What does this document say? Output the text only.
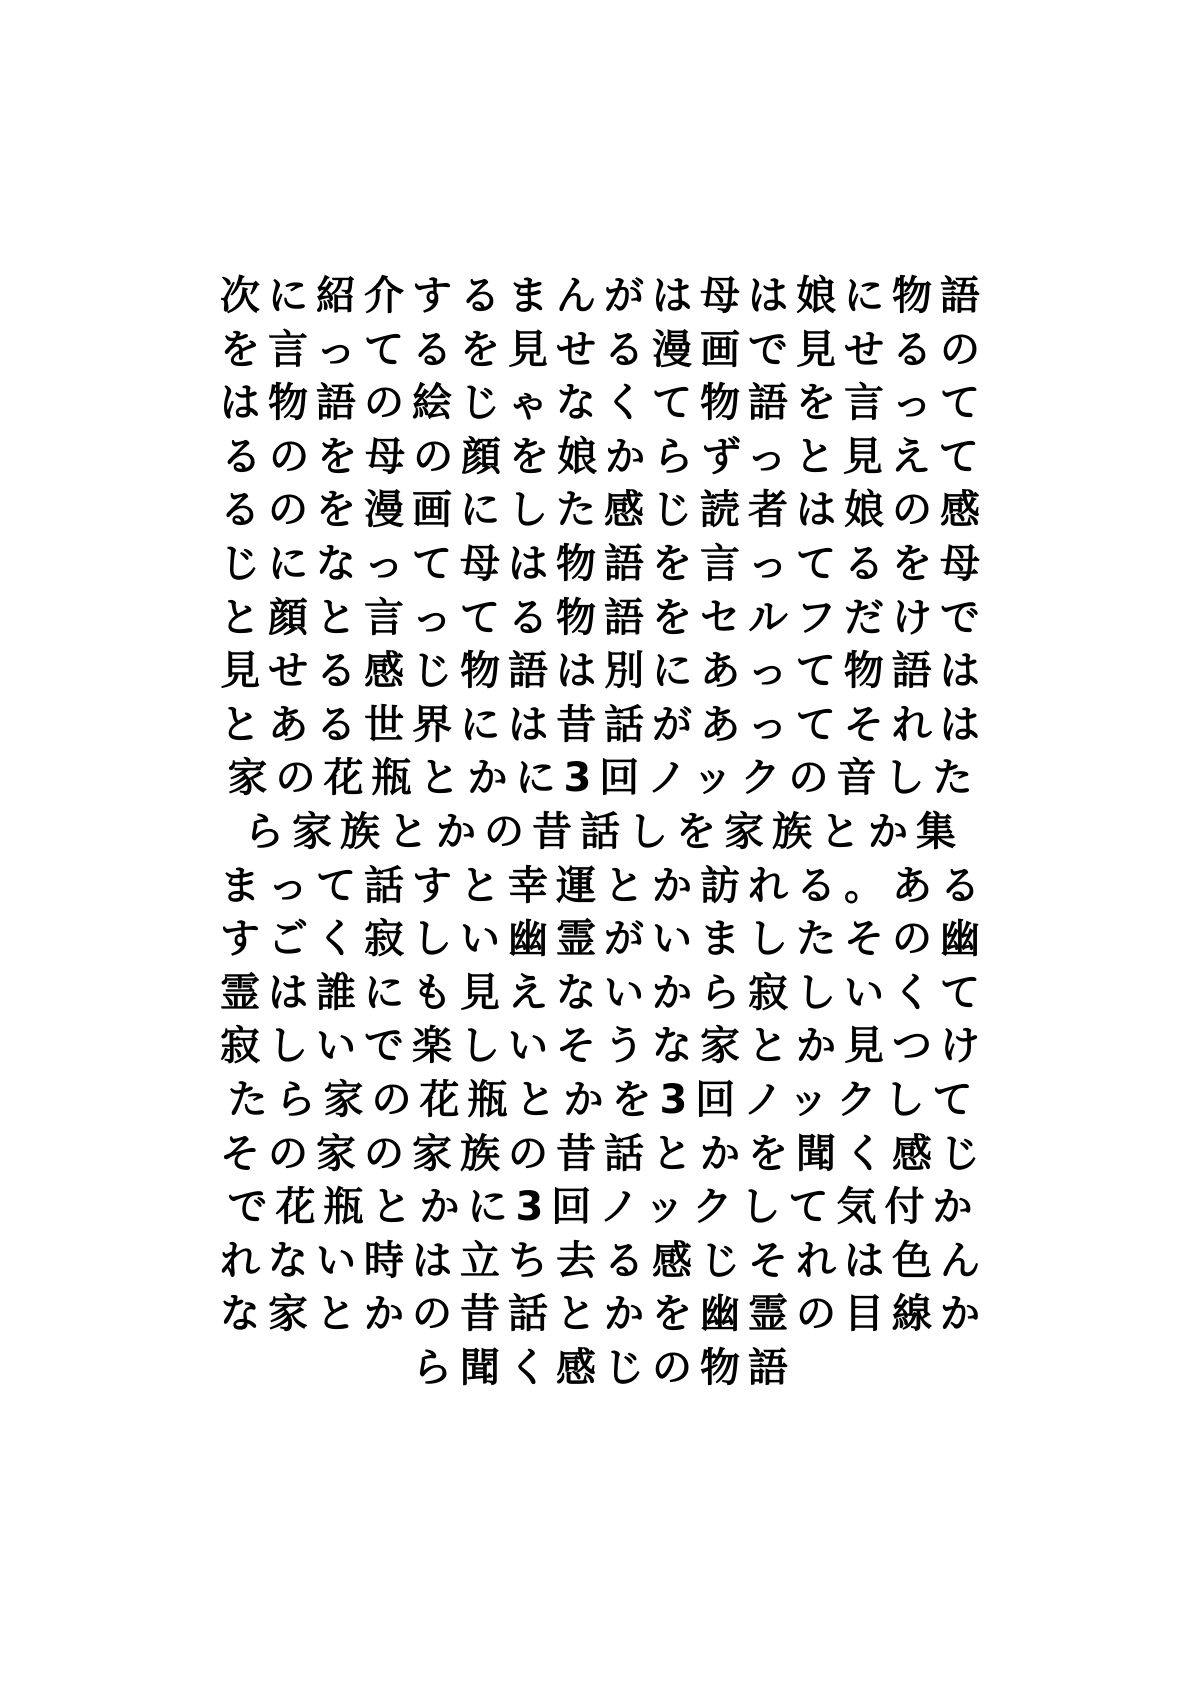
次に紹介するまんがは母は娘に物語
を言ってるを見せる漫画で見せるの
は物語の絵じゃなくて物語を言って
るのを母の顔を娘からずっと見えて
るのを漫画にした感じ読者は娘の感
じになって母は物語を言ってるを母
と顔と言ってる物語をセルフだけで
見せる感じ物語は別にあって物語は
とある世界には昔話があってそれは
家の花瓶とかに3回ノックの音した
ら家族とかの昔話しを家族とか集
まって話すと幸運とか訪れる。ある
すごく寂しい幽霊がいましたその幽
霊は誰にも見えないから寂しいくて
寂しいで楽しいそうな家とか見つけ
たら家の花瓶とかを3回ノックして
その家の家族の昔話とかを聞く感じ
で花瓶とかに3回ノックして気付か
れない時は立ち去る感じそれは色ん
な家とかの昔話とかを幽霊の目線か
ら聞く感じの物語
